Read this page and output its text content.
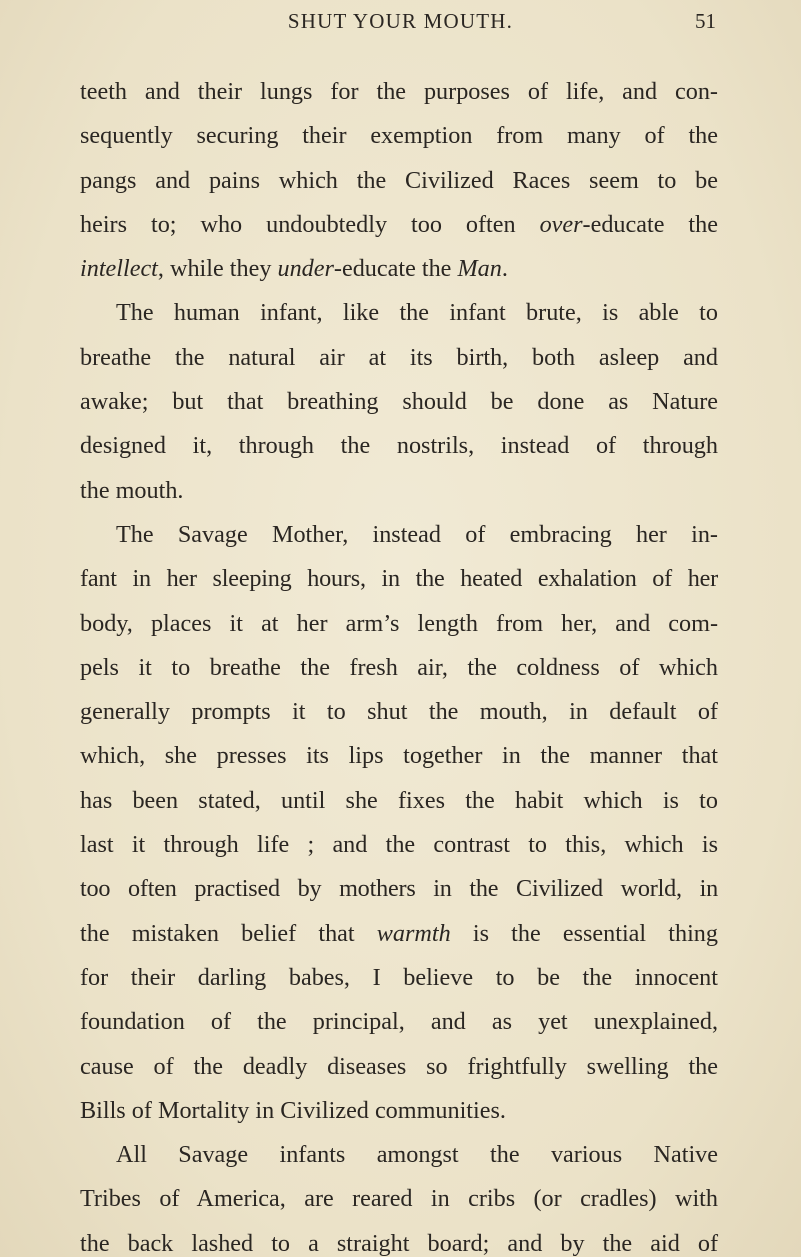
SHUT YOUR MOUTH.	51
teeth and their lungs for the purposes of life, and con-
sequently securing their exemption from many of the
pangs and pains which the Civilized Races seem to be
heirs to; who undoubtedly too often over-educate the
intellect, while they under-educate the Man.
The human infant, like the infant brute, is able to
breathe the natural air at its birth, both asleep and
awake; but that breathing should be done as Nature
designed it, through the nostrils, instead of through
the mouth.
The Savage Mother, instead of embracing her in-
fant in her sleeping hours, in the heated exhalation of her
body, places it at her arm’s length from her, and com-
pels it to breathe the fresh air, the coldness of which
generally prompts it to shut the mouth, in default of
which, she presses its lips together in the manner that
has been stated, until she fixes the habit which is to
last it through life ; and the contrast to this, which is
too often practised by mothers in the Civilized world, in
the mistaken belief that warmth is the essential thing
for their darling babes, I believe to be the innocent
foundation of the principal, and as yet unexplained,
cause of the deadly diseases so frightfully swelling the
Bills of Mortality in Civilized communities.
All Savage infants amongst the various Native
Tribes of America, are reared in cribs (or cradles) with
the back lashed to a straight board; and by the aid of
